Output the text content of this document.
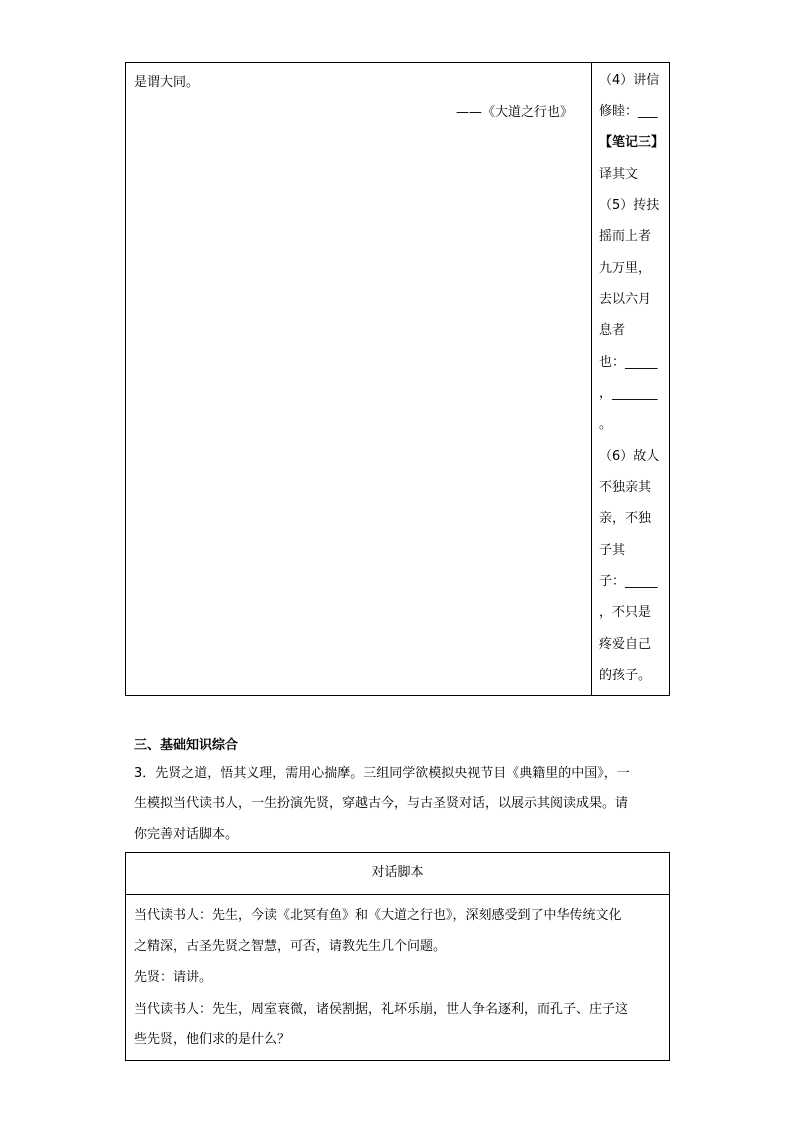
是谓大同。
——《大道之行也》
（4）讲信
修睦：___
【笔记三】
译其文
（5）抟扶
摇而上者
九万里，
去以六月
息者
也：_____
，_______
。
（6）故人
不独亲其
亲，不独
子其
子：_____
，不只是
疼爱自己
的孩子。
三、基础知识综合
3．先贤之道，悟其义理，需用心揣摩。三组同学欲模拟央视节目《典籍里的中国》，一
生模拟当代读书人，一生扮演先贤，穿越古今，与古圣贤对话，以展示其阅读成果。请
你完善对话脚本。
对话脚本
当代读书人：先生，今读《北冥有鱼》和《大道之行也》，深刻感受到了中华传统文化
之精深，古圣先贤之智慧，可否，请教先生几个问题。
先贤：请讲。
当代读书人：先生，周室衰微，诸侯割据，礼坏乐崩，世人争名逐利，而孔子、庄子这
些先贤，他们求的是什么？
